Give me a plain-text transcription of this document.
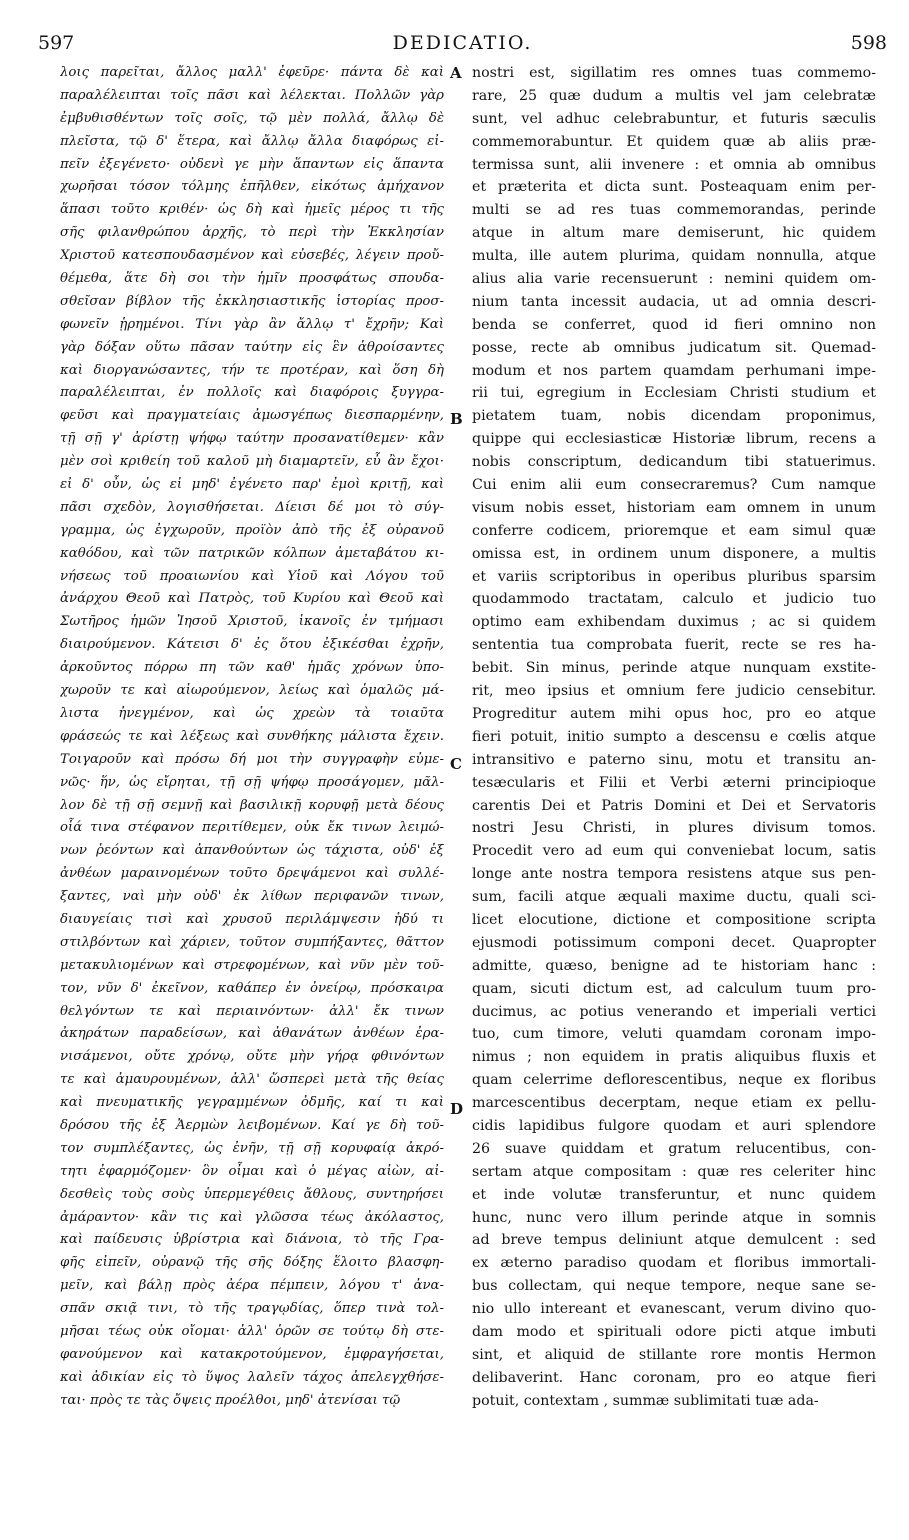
597	DEDICATIO.	598
A
B
C
D
λοις παρεῖται, ἄλλος μαλλ' ἐφεῦρε· πάντα δὲ καὶ
παραλέλειπται τοῖς πᾶσι καὶ λέλεκται. Πολλῶν γὰρ
ἐμβυθισθέντων τοῖς σοῖς, τῷ μὲν πολλά, ἄλλῳ δὲ
πλεῖστα, τῷ δ' ἕτερα, καὶ ἄλλῳ ἄλλα διαφόρως εἰ-
πεῖν ἐξεγένετο· οὐδενὶ γε μὴν ἅπαντων εἰς ἅπαντα
χωρῆσαι τόσον τόλμης ἐπῆλθεν, εἰκότως ἀμήχανον
ἅπασι τοῦτο κριθέν· ὡς δὴ καὶ ἡμεῖς μέρος τι τῆς
σῆς φιλανθρώπου ἀρχῆς, τὸ περὶ τὴν Ἐκκλησίαν
Χριστοῦ κατεσπουδασμένον καὶ εὐσεβές, λέγειν προὔ-
θέμεθα, ἅτε δὴ σοι τὴν ἡμῖν προσφάτως σπουδα-
σθεῖσαν βίβλον τῆς ἐκκλησιαστικῆς ἱστορίας προσ-
φωνεῖν ᾑρημένοι. Τίνι γὰρ ἂν ἄλλῳ τ' ἔχρῆν; Καὶ
γὰρ δόξαν οὕτω πᾶσαν ταύτην εἰς ἓν ἀθροίσαντες
καὶ διοργανώσαντες, τήν τε προτέραν, καὶ ὅση δὴ
παραλέλειπται, ἐν πολλοῖς καὶ διαφόροις ξυγγρα-
φεῦσι καὶ πραγματείαις ἀμωσγέπως διεσπαρμένην,
τῇ σῇ γ' ἀρίστῃ ψήφῳ ταύτην προσανατίθεμεν· κἂν
μὲν σοὶ κριθείη τοῦ καλοῦ μὴ διαμαρτεῖν, εὖ ἂν ἔχοι·
εἰ δ' οὖν, ὡς εἰ μηδ' ἐγένετο παρ' ἐμοὶ κριτῇ, καὶ
πᾶσι σχεδὸν, λογισθήσεται. Δίεισι δέ μοι τὸ σύγ-
γραμμα, ὡς ἐγχωροῦν, προϊὸν ἀπὸ τῆς ἐξ οὐρανοῦ
καθόδου, καὶ τῶν πατρικῶν κόλπων ἀμεταβάτου κι-
νήσεως τοῦ προαιωνίου καὶ Υἱοῦ καὶ Λόγου τοῦ
ἀνάρχου Θεοῦ καὶ Πατρὸς, τοῦ Κυρίου καὶ Θεοῦ καὶ
Σωτῆρος ἡμῶν Ἰησοῦ Χριστοῦ, ἱκανοῖς ἐν τμήμασι
διαιρούμενον. Κάτεισι δ' ἐς ὅτου ἐξικέσθαι ἐχρῆν,
ἀρκοῦντος πόρρω πη τῶν καθ' ἡμᾶς χρόνων ὑπο-
χωροῦν τε καὶ αἰωρούμενον, λείως καὶ ὁμαλῶς μά-
λιστα ἠνεγμένον, καὶ ὡς χρεὼν τὰ τοιαῦτα
φράσεώς τε καὶ λέξεως καὶ συνθήκης μάλιστα ἔχειν.
Τοιγαροῦν καὶ πρόσω δή μοι τὴν συγγραφὴν εὐμε-
νῶς· ἥν, ὡς εἴρηται, τῇ σῇ ψήφῳ προσάγομεν, μᾶλ-
λον δὲ τῇ σῇ σεμνῇ καὶ βασιλικῇ κορυφῇ μετὰ δέους
οἷά τινα στέφανον περιτίθεμεν, οὐκ ἔκ τινων λειμώ-
νων ῥεόντων καὶ ἀπανθούντων ὡς τάχιστα, οὐδ' ἐξ
ἀνθέων μαραινομένων τοῦτο δρεψάμενοι καὶ συλλέ-
ξαντες, ναὶ μὴν οὐδ' ἐκ λίθων περιφανῶν τινων,
διαυγείαις τισὶ καὶ χρυσοῦ περιλάμψεσιν ἡδύ τι
στιλβόντων καὶ χάριεν, τοῦτον συμπήξαντες, θᾶττον
μετακυλιομένων καὶ στρεφομένων, καὶ νῦν μὲν τοῦ-
τον, νῦν δ' ἐκεῖνον, καθάπερ ἐν ὀνείρῳ, πρόσκαιρα
θελγόντων τε καὶ περιαινόντων· ἀλλ' ἔκ τινων
ἀκηράτων παραδείσων, καὶ ἀθανάτων ἀνθέων ἐρα-
νισάμενοι, οὔτε χρόνῳ, οὔτε μὴν γήρᾳ φθινόντων
τε καὶ ἀμαυρουμένων, ἀλλ' ὥσπερεὶ μετὰ τῆς θείας
καὶ πνευματικῆς γεγραμμένων ὀδμῆς, καί τι καὶ
δρόσου τῆς ἐξ Ἀερμὼν λειβομένων. Καί γε δὴ τοῦ-
τον συμπλέξαντες, ὡς ἐνῆν, τῇ σῇ κορυφαίᾳ ἀκρό-
τητι ἐφαρμόζομεν· ὃν οἶμαι καὶ ὁ μέγας αἰὼν, αἰ-
δεσθεὶς τοὺς σοὺς ὑπερμεγέθεις ἄθλους, συντηρήσει
ἀμάραντον· κἂν τις καὶ γλῶσσα τέως ἀκόλαστος,
καὶ παίδευσις ὑβρίστρια καὶ διάνοια, τὸ τῆς Γρα-
φῆς εἰπεῖν, οὐρανῷ τῆς σῆς δόξης ἕλοιτο βλασφη-
μεῖν, καὶ βάλῃ πρὸς ἀέρα πέμπειν, λόγου τ' ἀνα-
σπᾶν σκιᾷ τινι, τὸ τῆς τραγῳδίας, ὅπερ τινὰ τολ-
μῆσαι τέως οὐκ οἴομαι· ἀλλ' ὁρῶν σε τούτῳ δὴ στε-
φανούμενον καὶ κατακροτούμενον, ἐμφραγήσεται,
καὶ ἀδικίαν εἰς τὸ ὕψος λαλεῖν τάχος ἀπελεγχθήσε-
ται· πρὸς τε τὰς ὄψεις προέλθοι, μηδ' ἀτενίσαι τῷ
nostri est, sigillatim res omnes tuas commemo-
rare, 25 quæ dudum a multis vel jam celebratæ
sunt, vel adhuc celebrabuntur, et futuris sæculis
commemorabuntur. Et quidem quæ ab aliis præ-
termissa sunt, alii invenere : et omnia ab omnibus
et præterita et dicta sunt. Posteaquam enim per-
multi se ad res tuas commemorandas, perinde
atque in altum mare demiserunt, hic quidem
multa, ille autem plurima, quidam nonnulla, atque
alius alia varie recensuerunt : nemini quidem om-
nium tanta incessit audacia, ut ad omnia descri-
benda se conferret, quod id fieri omnino non
posse, recte ab omnibus judicatum sit. Quemad-
modum et nos partem quamdam perhumani impe-
rii tui, egregium in Ecclesiam Christi studium et
pietatem tuam, nobis dicendam proponimus,
quippe qui ecclesiasticæ Historiæ librum, recens a
nobis conscriptum, dedicandum tibi statuerimus.
Cui enim alii eum consecraremus? Cum namque
visum nobis esset, historiam eam omnem in unum
conferre codicem, prioremque et eam simul quæ
omissa est, in ordinem unum disponere, a multis
et variis scriptoribus in operibus pluribus sparsim
quodammodo tractatam, calculo et judicio tuo
optimo eam exhibendam duximus ; ac si quidem
sententia tua comprobata fuerit, recte se res ha-
bebit. Sin minus, perinde atque nunquam exstite-
rit, meo ipsius et omnium fere judicio censebitur.
Progreditur autem mihi opus hoc, pro eo atque
fieri potuit, initio sumpto a descensu e cœlis atque
intransitivo e paterno sinu, motu et transitu an-
tesæcularis et Filii et Verbi æterni principioque
carentis Dei et Patris Domini et Dei et Servatoris
nostri Jesu Christi, in plures divisum tomos.
Procedit vero ad eum qui conveniebat locum, satis
longe ante nostra tempora resistens atque sus pen-
sum, facili atque æquali maxime ductu, quali sci-
licet elocutione, dictione et compositione scripta
ejusmodi potissimum componi decet. Quapropter
admitte, quæso, benigne ad te historiam hanc :
quam, sicuti dictum est, ad calculum tuum pro-
ducimus, ac potius venerando et imperiali vertici
tuo, cum timore, veluti quamdam coronam impo-
nimus ; non equidem in pratis aliquibus fluxis et
quam celerrime deflorescentibus, neque ex floribus
marcescentibus decerptam, neque etiam ex pellu-
cidis lapidibus fulgore quodam et auri splendore
26 suave quiddam et gratum relucentibus, con-
sertam atque compositam : quæ res celeriter hinc
et inde volutæ transferuntur, et nunc quidem
hunc, nunc vero illum perinde atque in somnis
ad breve tempus deliniunt atque demulcent : sed
ex æterno paradiso quodam et floribus immortali-
bus collectam, qui neque tempore, neque sane se-
nio ullo intereant et evanescant, verum divino quo-
dam modo et spirituali odore picti atque imbuti
sint, et aliquid de stillante rore montis Hermon
delibaverint. Hanc coronam, pro eo atque fieri
potuit, contextam , summæ sublimitati tuæ ada-
